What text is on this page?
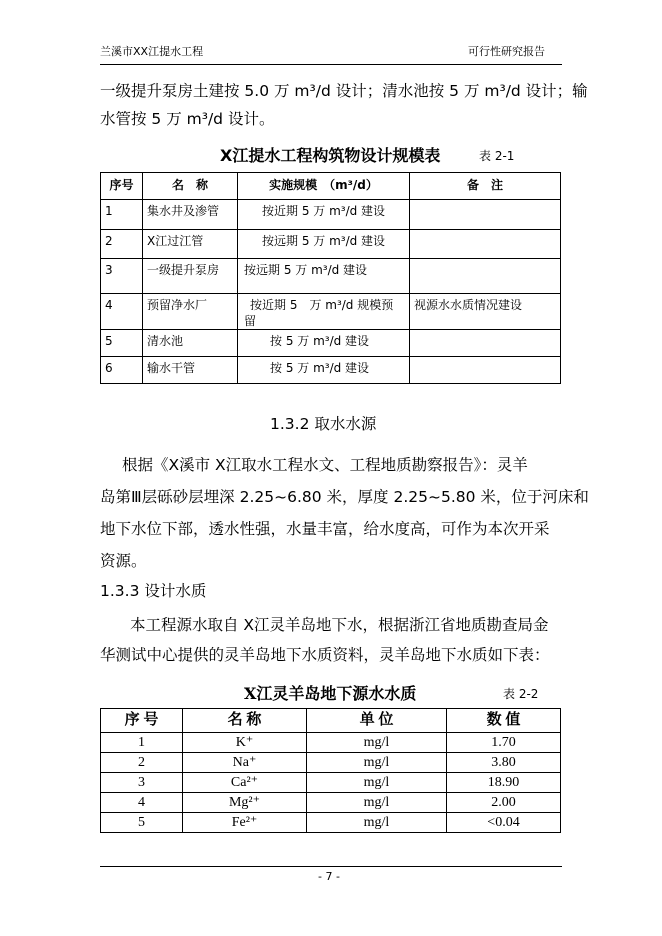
兰溪市XX江提水工程	可行性研究报告
一级提升泵房土建按 5.0 万 m³/d 设计；清水池按 5 万 m³/d 设计；输
水管按 5 万 m³/d 设计。
X江提水工程构筑物设计规模表	表 2-1
序号	名　称	实施规模　（m³/d）	备　注
1	集水井及渗管	按近期 5 万 m³/d 建设	
2	X江过江管	按远期 5 万 m³/d 建设	
3	一级提升泵房	按远期 5 万 m³/d 建设	
4	预留净水厂	按近期 5　万 m³/d 规模预留	视源水水质情况建设
5	清水池	按 5 万 m³/d 建设	
6	输水干管	按 5 万 m³/d 建设	
1.3.2 取水水源
根据《X溪市 X江取水工程水文、工程地质勘察报告》：灵羊
岛第Ⅲ层砾砂层埋深 2.25~6.80 米，厚度 2.25~5.80 米，位于河床和
地下水位下部，透水性强，水量丰富，给水度高，可作为本次开采
资源。
1.3.3 设计水质
本工程源水取自 X江灵羊岛地下水，根据浙江省地质勘查局金
华测试中心提供的灵羊岛地下水质资料，灵羊岛地下水质如下表：
X江灵羊岛地下源水水质	表 2-2
序 号	名 称	单 位	数 值
1	K⁺	mg/l	1.70
2	Na⁺	mg/l	3.80
3	Ca²⁺	mg/l	18.90
4	Mg²⁺	mg/l	2.00
5	Fe²⁺	mg/l	<0.04
- 7 -
